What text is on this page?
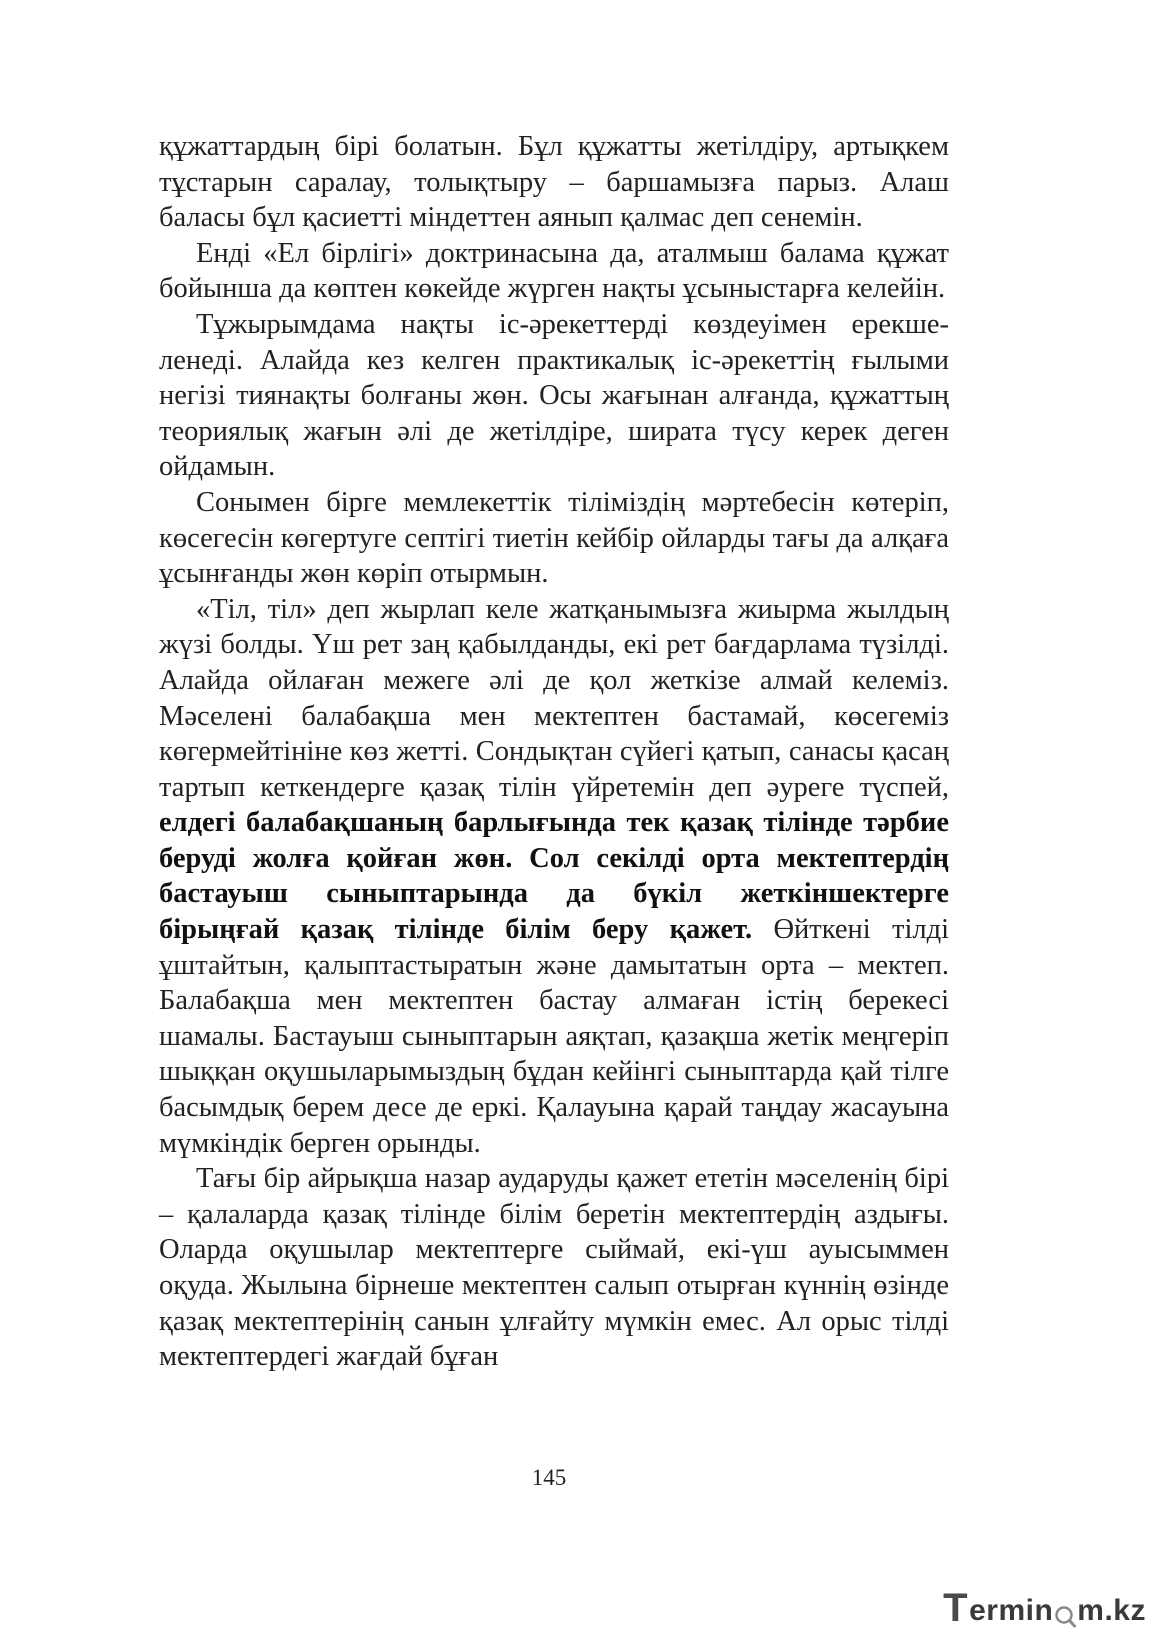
құжаттардың бірі болатын. Бұл құжатты жетілдіру, артықкем тұстарын саралау, толықтыру – баршамызға парыз. Алаш баласы бұл қасиетті міндеттен аянып қалмас деп сенемін.

Енді «Ел бірлігі» доктринасына да, аталмыш балама құжат бойынша да көптен көкейде жүрген нақты ұсыныстарға келейін.

Тұжырымдама нақты іс-әрекеттерді көздеуімен ерекшеленеді. Алайда кез келген практикалық іс-әрекеттің ғылыми негізі тиянақты болғаны жөн. Осы жағынан алғанда, құжаттың теориялық жағын әлі де жетілдіре, ширата түсу керек деген ойдамын.

Сонымен бірге мемлекеттік тіліміздің мәртебесін көтеріп, көсегесін көгертуге септігі тиетін кейбір ойларды тағы да алқаға ұсынғанды жөн көріп отырмын.

«Тіл, тіл» деп жырлап келе жатқанымызға жиырма жылдың жүзі болды. Үш рет заң қабылданды, екі рет бағдарлама түзілді. Алайда ойлаған межеге әлі де қол жеткізе алмай келеміз. Мәселені балабақша мен мектептен бастамай, көсегеміз көгермейтініне көз жетті. Сондықтан сүйегі қатып, санасы қасаң тартып кеткендерге қазақ тілін үйретемін деп әуреге түспей, елдегі балабақшаның барлығында тек қазақ тілінде тәрбие беруді жолға қойған жөн. Сол секілді орта мектептердің бастауыш сыныптарында да бүкіл жеткіншектерге бірыңғай қазақ тілінде білім беру қажет. Өйткені тілді ұштайтын, қалыптастыратын және дамытатын орта – мектеп. Балабақша мен мектептен бастау алмаған істің берекесі шамалы. Бастауыш сыныптарын аяқтап, қазақша жетік меңгеріп шыққан оқушыларымыздың бұдан кейінгі сыныптарда қай тілге басымдық берем десе де еркі. Қалауына қарай таңдау жасауына мүмкіндік берген орынды.

Тағы бір айрықша назар аударуды қажет ететін мәселенің бірі – қалаларда қазақ тілінде білім беретін мектептердің аздығы. Оларда оқушылар мектептерге сыймай, екі-үш ауысыммен оқуда. Жылына бірнеше мектептен салып отырған күннің өзінде қазақ мектептерінің санын ұлғайту мүмкін емес. Ал орыс тілді мектептердегі жағдай бұған

145
T ermin m.kz
